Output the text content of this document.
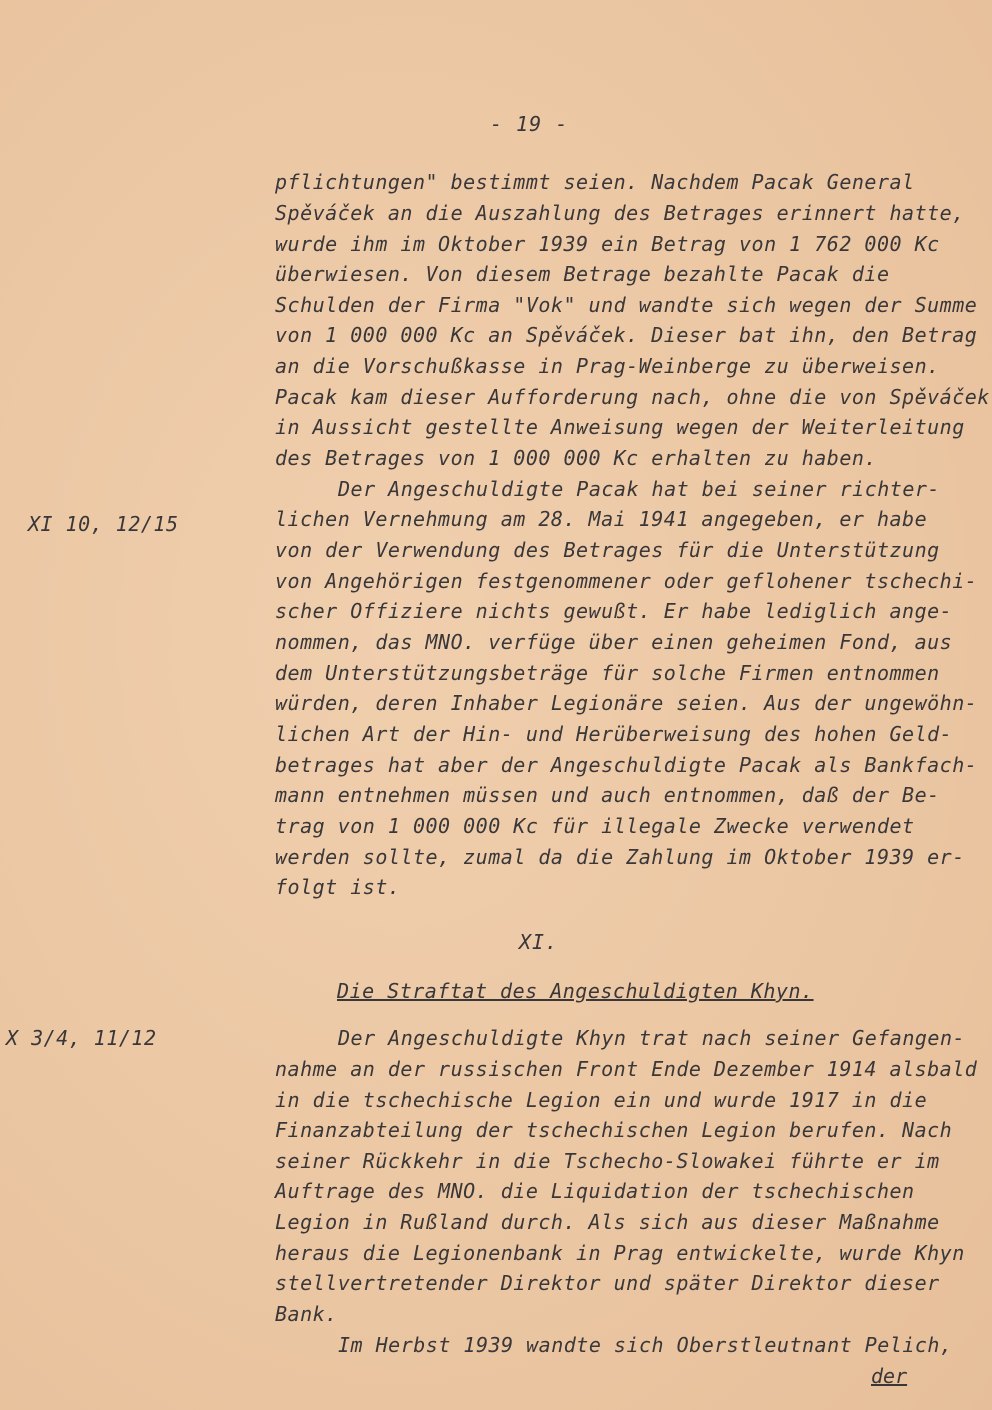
- 19 -
XI 10, 12/15
X 3/4, 11/12

pflichtungen" bestimmt seien. Nachdem Pacak General

Spěváček an die Auszahlung des Betrages erinnert hatte,

wurde ihm im Oktober 1939 ein Betrag von 1 762 000 Kc

überwiesen. Von diesem Betrage bezahlte Pacak die

Schulden der Firma "Vok" und wandte sich wegen der Summe

von 1 000 000 Kc an Spěváček. Dieser bat ihn, den Betrag

an die Vorschußkasse in Prag-Weinberge zu überweisen.

Pacak kam dieser Aufforderung nach, ohne die von Spěváček

in Aussicht gestellte Anweisung wegen der Weiterleitung

des Betrages von 1 000 000 Kc erhalten zu haben.

Der Angeschuldigte Pacak hat bei seiner richter-

lichen Vernehmung am 28. Mai 1941 angegeben, er habe

von der Verwendung des Betrages für die Unterstützung

von Angehörigen festgenommener oder geflohener tschechi-

scher Offiziere nichts gewußt. Er habe lediglich ange-

nommen, das MNO. verfüge über einen geheimen Fond, aus

dem Unterstützungsbeträge für solche Firmen entnommen

würden, deren Inhaber Legionäre seien. Aus der ungewöhn-

lichen Art der Hin- und Herüberweisung des hohen Geld-

betrages hat aber der Angeschuldigte Pacak als Bankfach-

mann entnehmen müssen und auch entnommen, daß der Be-

trag von 1 000 000 Kc für illegale Zwecke verwendet

werden sollte, zumal da die Zahlung im Oktober 1939 er-

folgt ist.

Der Angeschuldigte Khyn trat nach seiner Gefangen-

nahme an der russischen Front Ende Dezember 1914 alsbald

in die tschechische Legion ein und wurde 1917 in die

Finanzabteilung der tschechischen Legion berufen. Nach

seiner Rückkehr in die Tschecho-Slowakei führte er im

Auftrage des MNO. die Liquidation der tschechischen

Legion in Rußland durch. Als sich aus dieser Maßnahme

heraus die Legionenbank in Prag entwickelte, wurde Khyn

stellvertretender Direktor und später Direktor dieser

Bank.

Im Herbst 1939 wandte sich Oberstleutnant Pelich,

XI.
Die Straftat des Angeschuldigten Khyn.
der
